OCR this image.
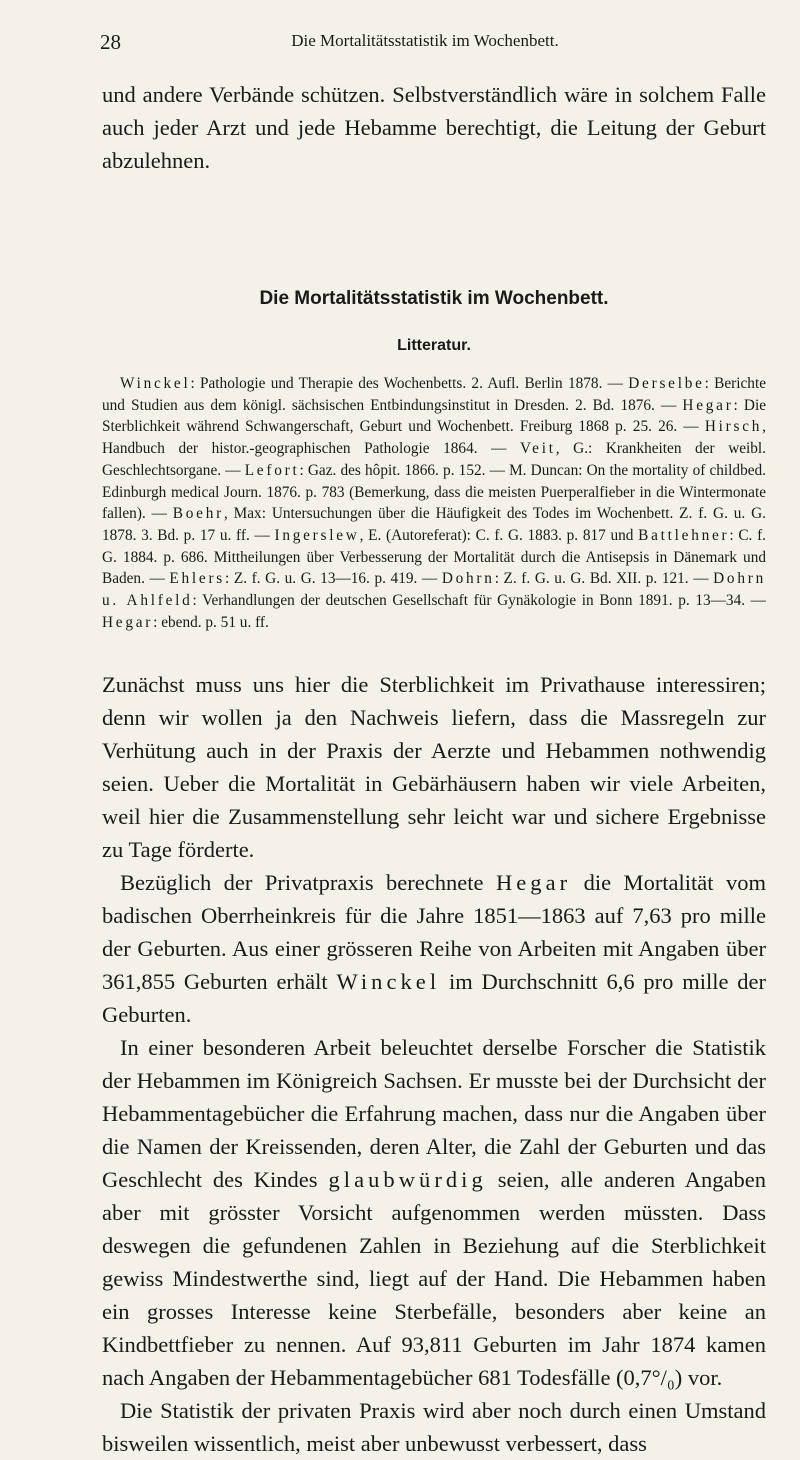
28	Die Mortalitätsstatistik im Wochenbett.
und andere Verbände schützen. Selbstverständlich wäre in solchem Falle auch jeder Arzt und jede Hebamme berechtigt, die Leitung der Geburt abzulehnen.
Die Mortalitätsstatistik im Wochenbett.
Litteratur.
Winckel: Pathologie und Therapie des Wochenbetts. 2. Aufl. Berlin 1878. — Derselbe: Berichte und Studien aus dem königl. sächsischen Entbindungsinstitut in Dresden. 2. Bd. 1876. — Hegar: Die Sterblichkeit während Schwangerschaft, Geburt und Wochenbett. Freiburg 1868 p. 25. 26. — Hirsch, Handbuch der histor.-geographischen Pathologie 1864. — Veit, G.: Krankheiten der weibl. Geschlechtsorgane. — Lefort: Gaz. des hôpit. 1866. p. 152. — M. Duncan: On the mortality of childbed. Edinburgh medical Journ. 1876. p. 783 (Bemerkung, dass die meisten Puerperalfieber in die Wintermonate fallen). — Boehr, Max: Untersuchungen über die Häufigkeit des Todes im Wochenbett. Z. f. G. u. G. 1878. 3. Bd. p. 17 u. ff. — Ingerslew, E. (Autoreferat): C. f. G. 1883. p. 817 und Battlehner: C. f. G. 1884. p. 686. Mittheilungen über Verbesserung der Mortalität durch die Antisepsis in Dänemark und Baden. — Ehlers: Z. f. G. u. G. 13—16. p. 419. — Dohrn: Z. f. G. u. G. Bd. XII. p. 121. — Dohrn u. Ahlfeld: Verhandlungen der deutschen Gesellschaft für Gynäkologie in Bonn 1891. p. 13—34. — Hegar: ebend. p. 51 u. ff.

Zunächst muss uns hier die Sterblichkeit im Privathause interessiren; denn wir wollen ja den Nachweis liefern, dass die Massregeln zur Verhütung auch in der Praxis der Aerzte und Hebammen nothwendig seien. Ueber die Mortalität in Gebärhäusern haben wir viele Arbeiten, weil hier die Zusammenstellung sehr leicht war und sichere Ergebnisse zu Tage förderte.

Bezüglich der Privatpraxis berechnete Hegar die Mortalität vom badischen Oberrheinkreis für die Jahre 1851—1863 auf 7,63 pro mille der Geburten. Aus einer grösseren Reihe von Arbeiten mit Angaben über 361,855 Geburten erhält Winckel im Durchschnitt 6,6 pro mille der Geburten.

In einer besonderen Arbeit beleuchtet derselbe Forscher die Statistik der Hebammen im Königreich Sachsen. Er musste bei der Durchsicht der Hebammentagebücher die Erfahrung machen, dass nur die Angaben über die Namen der Kreissenden, deren Alter, die Zahl der Geburten und das Geschlecht des Kindes glaubwürdig seien, alle anderen Angaben aber mit grösster Vorsicht aufgenommen werden müssten. Dass deswegen die gefundenen Zahlen in Beziehung auf die Sterblichkeit gewiss Mindestwerthe sind, liegt auf der Hand. Die Hebammen haben ein grosses Interesse keine Sterbefälle, besonders aber keine an Kindbettfieber zu nennen. Auf 93,811 Geburten im Jahr 1874 kamen nach Angaben der Hebammentagebücher 681 Todesfälle (0,7°/₀) vor.

Die Statistik der privaten Praxis wird aber noch durch einen Umstand bisweilen wissentlich, meist aber unbewusst verbessert, dass
